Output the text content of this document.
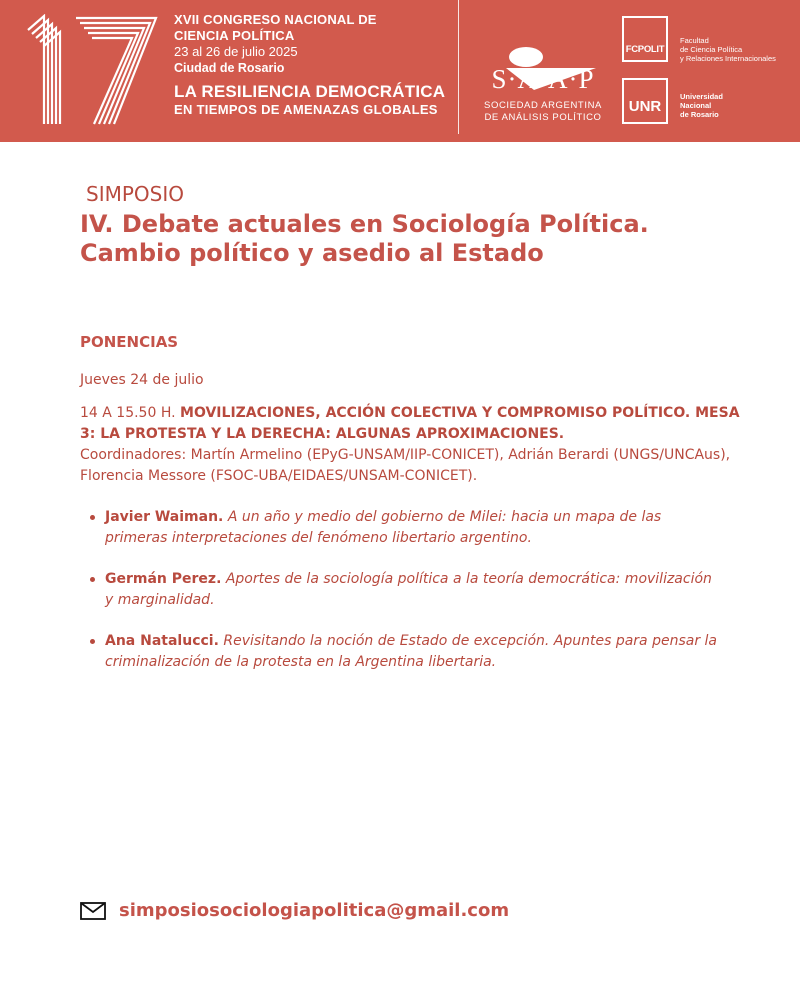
XVII CONGRESO NACIONAL DE
CIENCIA POLÍTICA
23 al 26 de julio 2025
Ciudad de Rosario
LA RESILIENCIA DEMOCRÁTICA
EN TIEMPOS DE AMENAZAS GLOBALES
S·A·A·P
SOCIEDAD ARGENTINA
DE ANÁLISIS POLÍTICO
FCPOLIT
Facultad
de Ciencia Política
y Relaciones Internacionales
UNR
Universidad
Nacional
de Rosario
SIMPOSIO
IV. Debate actuales en Sociología Política. Cambio político y asedio al Estado
PONENCIAS
Jueves 24 de julio
14 A 15.50 H. MOVILIZACIONES, ACCIÓN COLECTIVA Y COMPROMISO POLÍTICO. MESA 3: LA PROTESTA Y LA DERECHA: ALGUNAS APROXIMACIONES.
Coordinadores: Martín Armelino (EPyG-UNSAM/IIP-CONICET), Adrián Berardi (UNGS/UNCAus), Florencia Messore (FSOC-UBA/EIDAES/UNSAM-CONICET).
Javier Waiman. A un año y medio del gobierno de Milei: hacia un mapa de las primeras interpretaciones del fenómeno libertario argentino.
Germán Perez. Aportes de la sociología política a la teoría democrática: movilización y marginalidad.
Ana Natalucci. Revisitando la noción de Estado de excepción. Apuntes para pensar la criminalización de la protesta en la Argentina libertaria.
simposiosociologiapolitica@gmail.com
